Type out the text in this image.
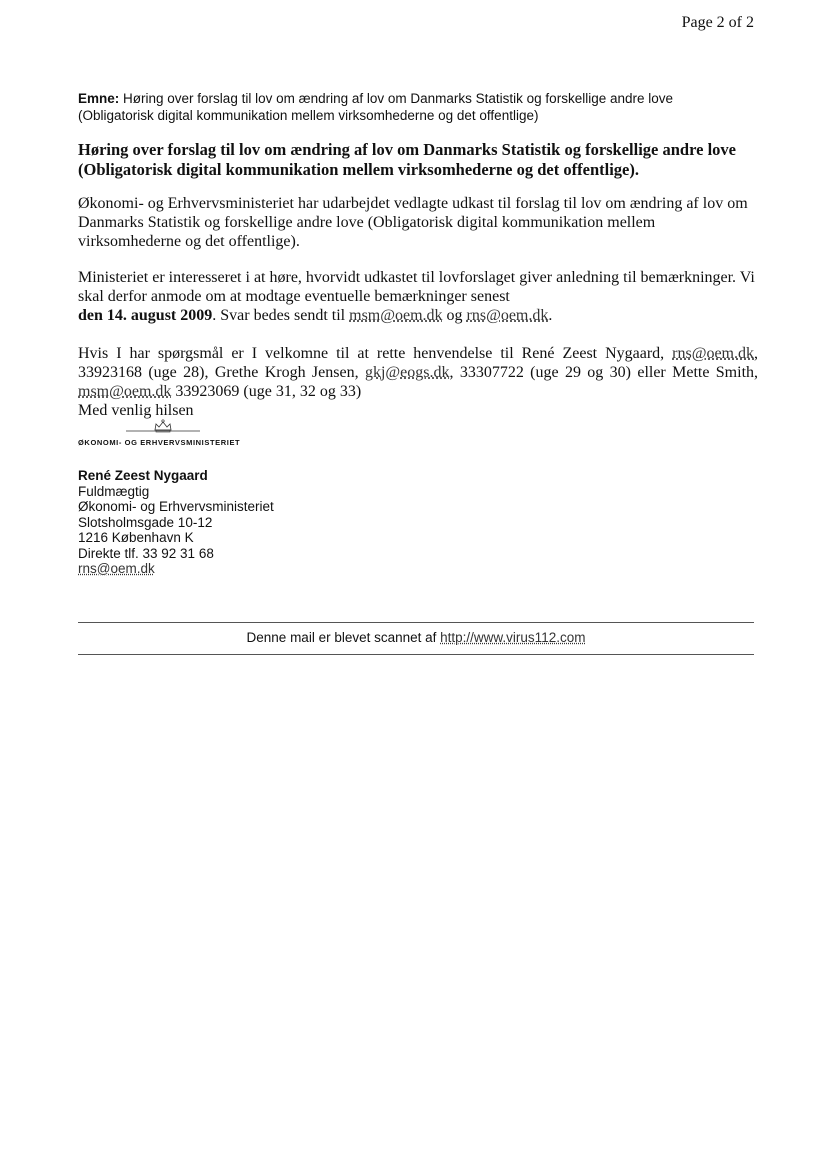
Page 2 of 2
Emne: Høring over forslag til lov om ændring af lov om Danmarks Statistik og forskellige andre love
(Obligatorisk digital kommunikation mellem virksomhederne og det offentlige)
Høring over forslag til lov om ændring af lov om Danmarks Statistik og forskellige andre love (Obligatorisk digital kommunikation mellem virksomhederne og det offentlige).
Økonomi- og Erhvervsministeriet har udarbejdet vedlagte udkast til forslag til lov om ændring af lov om Danmarks Statistik og forskellige andre love (Obligatorisk digital kommunikation mellem virksomhederne og det offentlige).
Ministeriet er interesseret i at høre, hvorvidt udkastet til lovforslaget giver anledning til bemærkninger. Vi skal derfor anmode om at modtage eventuelle bemærkninger senest
den 14. august 2009. Svar bedes sendt til msm@oem.dk og rns@oem.dk.
Hvis I har spørgsmål er I velkomne til at rette henvendelse til René Zeest Nygaard, rns@oem.dk, 33923168 (uge 28), Grethe Krogh Jensen, gkj@eogs.dk, 33307722 (uge 29 og 30) eller Mette Smith, msm@oem.dk 33923069 (uge 31, 32 og 33)
Med venlig hilsen
ØKONOMI- OG ERHVERVSMINISTERIET
René Zeest Nygaard
Fuldmægtig
Økonomi- og Erhvervsministeriet
Slotsholmsgade 10-12
1216 København K
Direkte tlf. 33 92 31 68
rns@oem.dk
Denne mail er blevet scannet af http://www.virus112.com
